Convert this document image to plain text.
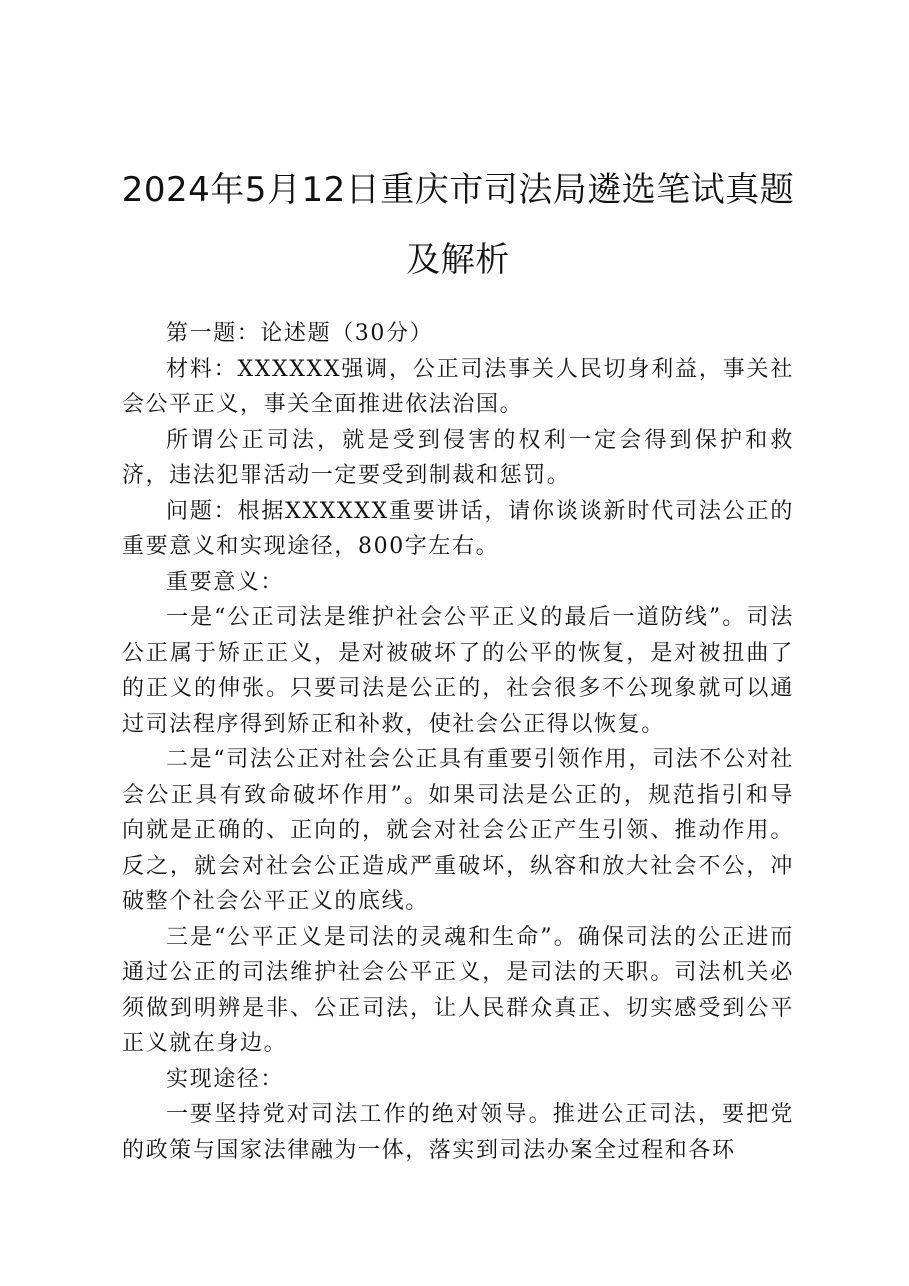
2024年5月12日重庆市司法局遴选笔试真题及解析

第一题：论述题（30分）

材料：XXXXXX强调，公正司法事关人民切身利益，事关社会公平正义，事关全面推进依法治国。

所谓公正司法，就是受到侵害的权利一定会得到保护和救济，违法犯罪活动一定要受到制裁和惩罚。

问题：根据XXXXXX重要讲话，请你谈谈新时代司法公正的重要意义和实现途径，800字左右。

重要意义：

一是“公正司法是维护社会公平正义的最后一道防线”。司法公正属于矫正正义，是对被破坏了的公平的恢复，是对被扭曲了的正义的伸张。只要司法是公正的，社会很多不公现象就可以通过司法程序得到矫正和补救，使社会公正得以恢复。

二是“司法公正对社会公正具有重要引领作用，司法不公对社会公正具有致命破坏作用”。如果司法是公正的，规范指引和导向就是正确的、正向的，就会对社会公正产生引领、推动作用。反之，就会对社会公正造成严重破坏，纵容和放大社会不公，冲破整个社会公平正义的底线。

三是“公平正义是司法的灵魂和生命”。确保司法的公正进而通过公正的司法维护社会公平正义，是司法的天职。司法机关必须做到明辨是非、公正司法，让人民群众真正、切实感受到公平正义就在身边。

实现途径：

一要坚持党对司法工作的绝对领导。推进公正司法，要把党的政策与国家法律融为一体，落实到司法办案全过程和各环
